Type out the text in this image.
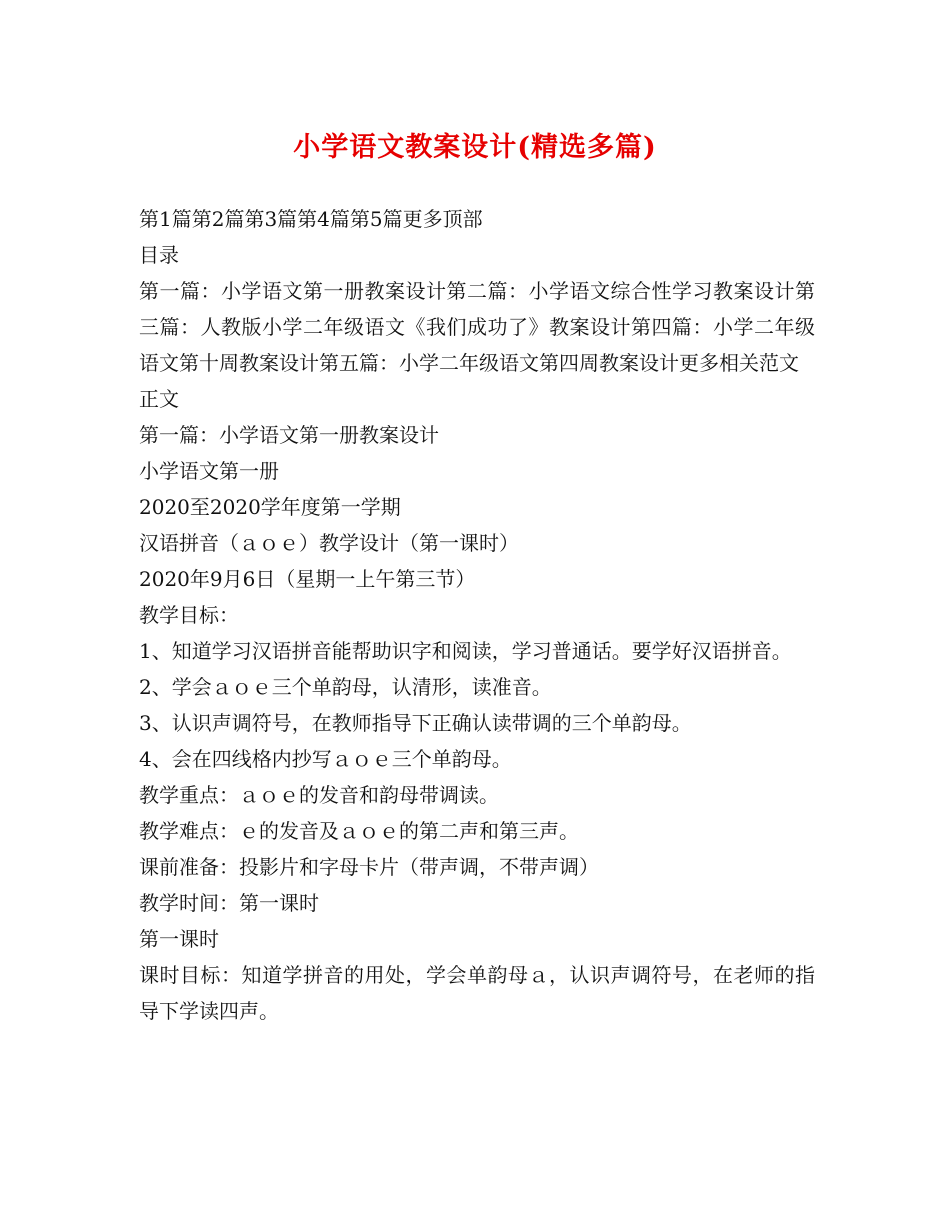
小学语文教案设计(精选多篇)
第1篇第2篇第3篇第4篇第5篇更多顶部
目录
第一篇：小学语文第一册教案设计第二篇：小学语文综合性学习教案设计第三篇：人教版小学二年级语文《我们成功了》教案设计第四篇：小学二年级语文第十周教案设计第五篇：小学二年级语文第四周教案设计更多相关范文
正文
第一篇：小学语文第一册教案设计
小学语文第一册
2020至2020学年度第一学期
汉语拼音（ａｏｅ）教学设计（第一课时）
2020年9月6日（星期一上午第三节）
教学目标：
1、知道学习汉语拼音能帮助识字和阅读，学习普通话。要学好汉语拼音。
2、学会ａｏｅ三个单韵母，认清形，读准音。
3、认识声调符号，在教师指导下正确认读带调的三个单韵母。
4、会在四线格内抄写ａｏｅ三个单韵母。
教学重点：ａｏｅ的发音和韵母带调读。
教学难点：ｅ的发音及ａｏｅ的第二声和第三声。
课前准备：投影片和字母卡片（带声调，不带声调）
教学时间：第一课时
第一课时
课时目标：知道学拼音的用处，学会单韵母ａ，认识声调符号，在老师的指导下学读四声。
